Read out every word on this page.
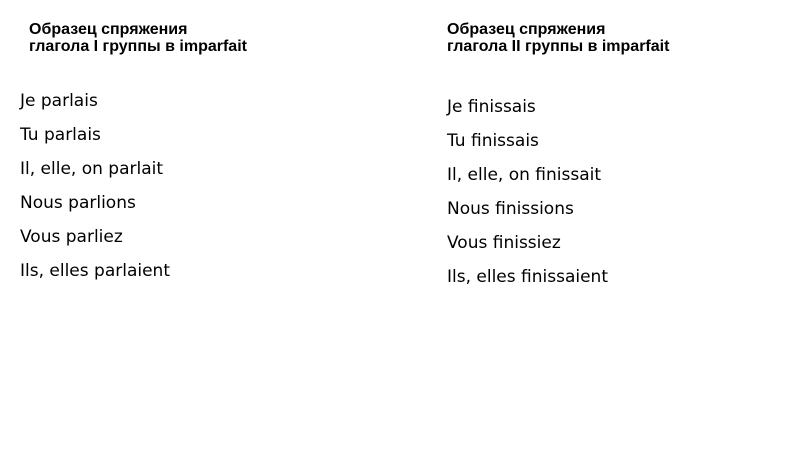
Образец спряжения
глагола I группы в imparfait
Je parlais
Tu parlais
Il, elle, on parlait
Nous parlions
Vous parliez
Ils, elles parlaient
Образец спряжения
глагола II группы в imparfait
Je finissais
Tu finissais
Il, elle, on finissait
Nous finissions
Vous finissiez
Ils, elles finissaient
